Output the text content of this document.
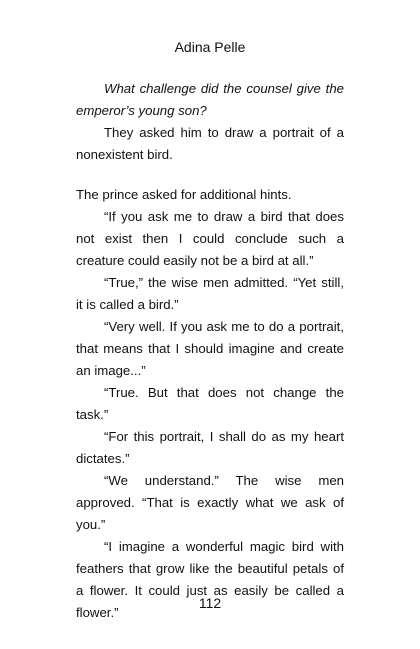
Adina Pelle

What challenge did the counsel give the emperor’s young son?

They asked him to draw a portrait of a nonexistent bird.

The prince asked for additional hints.

“If you ask me to draw a bird that does not exist then I could conclude such a creature could easily not be a bird at all.”

“True,” the wise men admitted. “Yet still, it is called a bird.”

“Very well. If you ask me to do a portrait, that means that I should imagine and create an image...”

“True. But that does not change the task.”

“For this portrait, I shall do as my heart dictates.”

“We understand.” The wise men approved. “That is exactly what we ask of you.”

“I imagine a wonderful magic bird with feathers that grow like the beautiful petals of a flower. It could just as easily be called a flower.”

112
